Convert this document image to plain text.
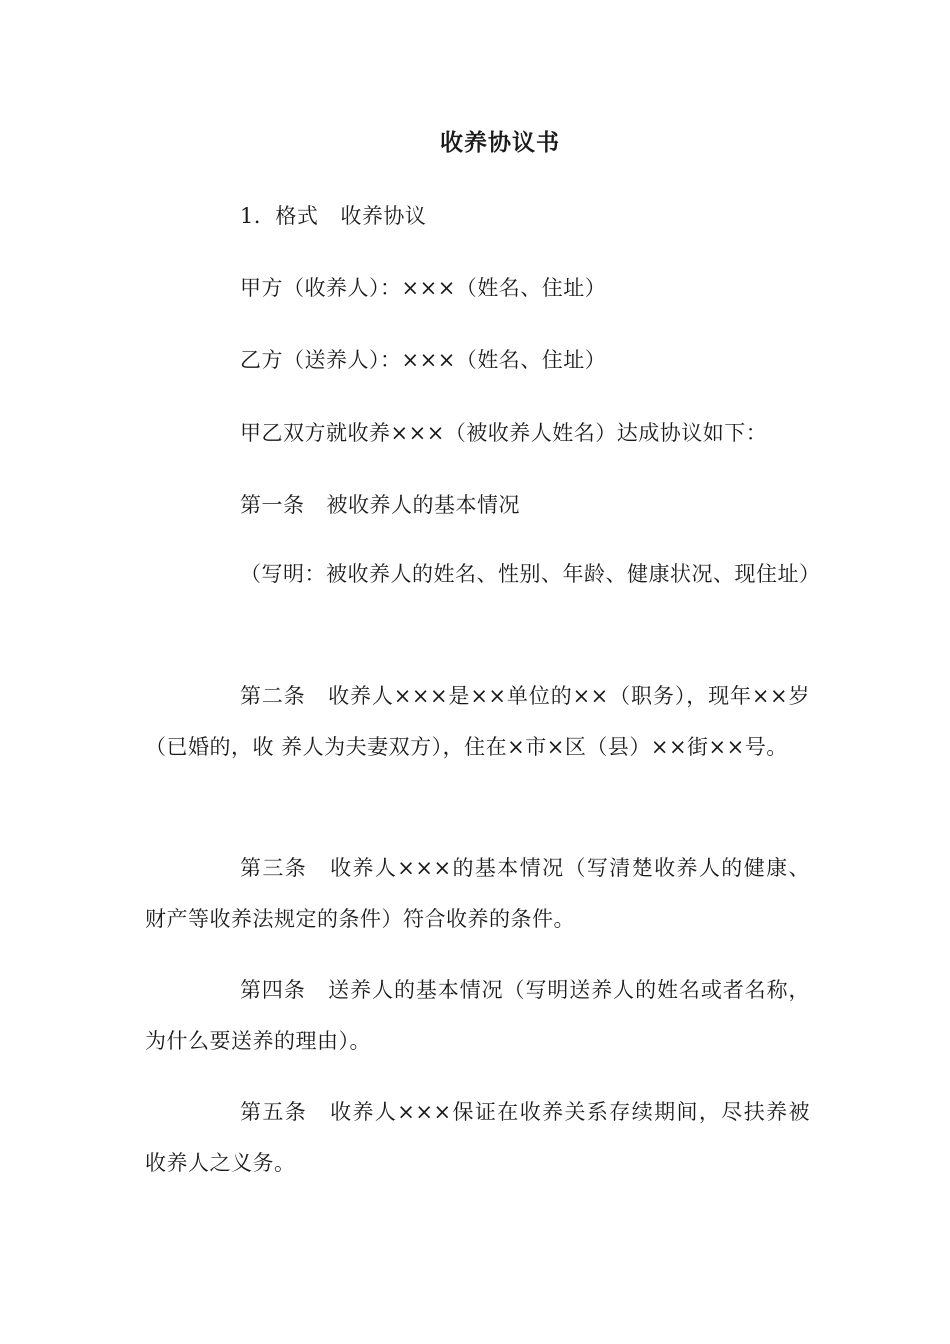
收养协议书
1．格式 收养协议
甲方（收养人）：×××（姓名、住址）
乙方（送养人）：×××（姓名、住址）
甲乙双方就收养×××（被收养人姓名）达成协议如下：
第一条 被收养人的基本情况
（写明：被收养人的姓名、性别、年龄、健康状况、现住址）
第二条 收养人×××是××单位的××（职务），现年××岁（已婚的，收 养人为夫妻双方），住在×市×区（县）××街××号。
第三条 收养人×××的基本情况（写清楚收养人的健康、财产等收养法规定的条件）符合收养的条件。
第四条 送养人的基本情况（写明送养人的姓名或者名称，为什么要送养的理由）。
第五条 收养人×××保证在收养关系存续期间，尽扶养被收养人之义务。
